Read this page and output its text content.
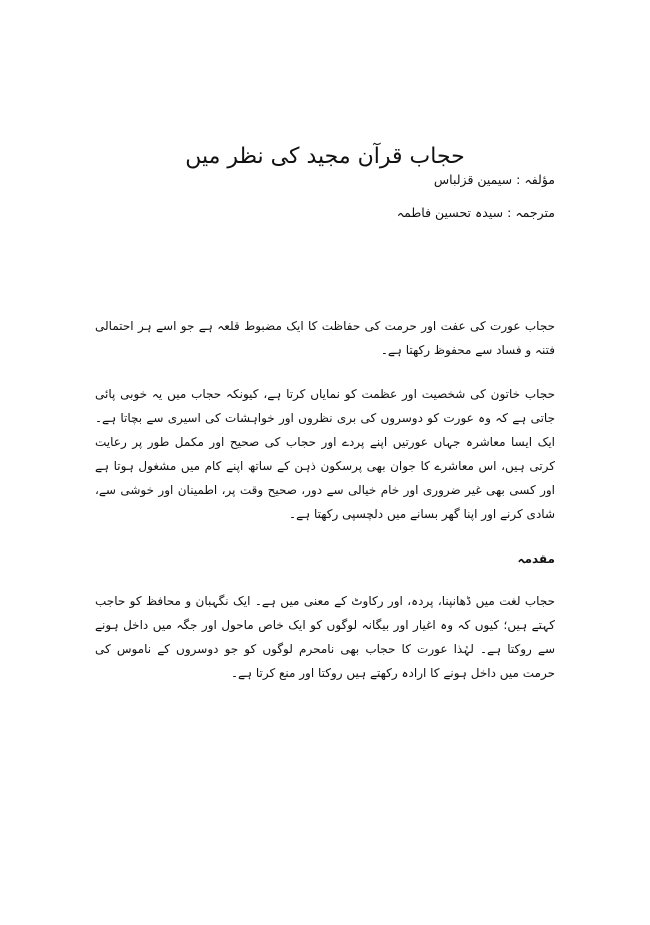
حجاب قرآن مجید کی نظر میں

مؤلفہ:سیمین قزلباس

مترجمہ:سیدہ تحسین فاطمہ

حجاب عورت کی عفت اور حرمت کی حفاظت کا ایک مضبوط قلعہ ہے جو اسے ہر احتمالی فتنہ و فساد سے محفوظ رکھتا ہے۔

حجاب خاتون کی شخصیت اور عظمت کو نمایاں کرتا ہے، کیونکہ حجاب میں یہ خوبی پائی جاتی ہے کہ وہ عورت کو دوسروں کی بری نظروں اور خواہشات کی اسیری سے بچاتا ہے۔ ایک ایسا معاشرہ جہاں عورتیں اپنے پردے اور حجاب کی صحیح اور مکمل طور پر رعایت کرتی ہیں، اس معاشرے کا جوان بھی پرسکون ذہن کے ساتھ اپنے کام میں مشغول ہوتا ہے اور کسی بھی غیر ضروری اور خام خیالی سے دور، صحیح وقت پر، اطمینان اور خوشی سے، شادی کرنے اور اپنا گھر بسانے میں دلچسپی رکھتا ہے۔

مقدمہ

حجاب لغت میں ڈھانپنا، پردہ، اور رکاوٹ کے معنی میں ہے۔ ایک نگہبان و محافظ کو حاجب کہتے ہیں؛ کیوں کہ وہ اغیار اور بیگانہ لوگوں کو ایک خاص ماحول اور جگہ میں داخل ہونے سے روکتا ہے۔ لہٰذا عورت کا حجاب بھی نامحرم لوگوں کو جو دوسروں کے ناموس کی حرمت میں داخل ہونے کا ارادہ رکھتے ہیں روکتا اور منع کرتا ہے۔
